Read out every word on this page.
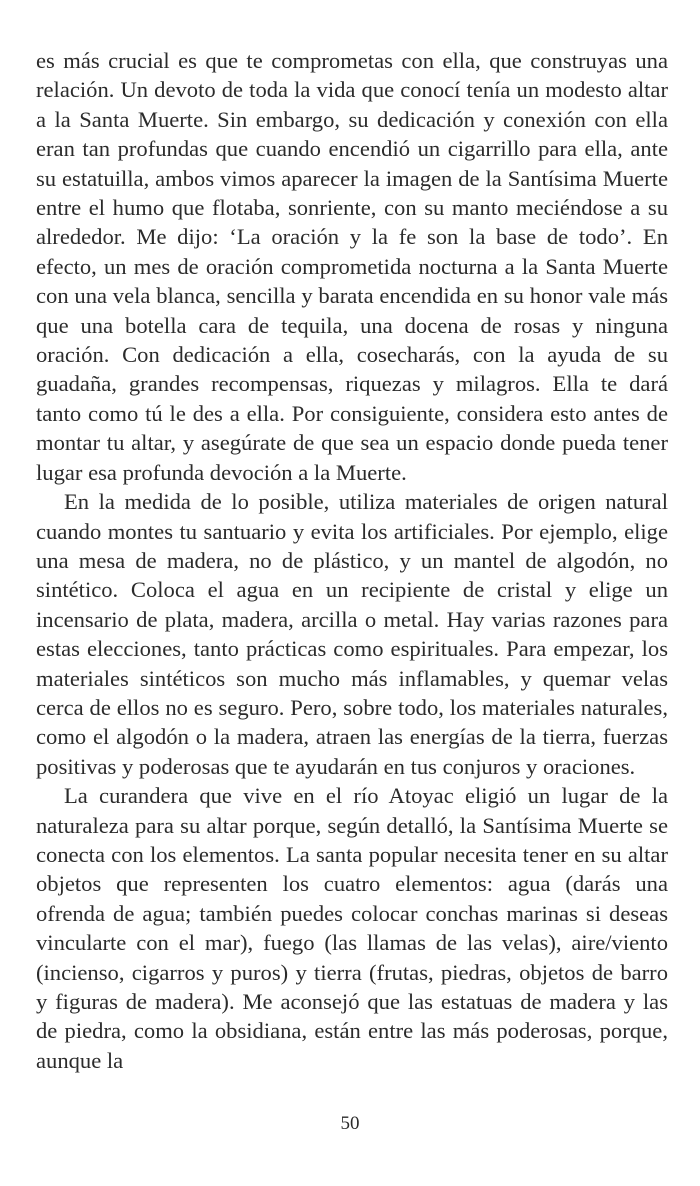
es más crucial es que te comprometas con ella, que construyas una relación. Un devoto de toda la vida que conocí tenía un modesto altar a la Santa Muerte. Sin embargo, su dedicación y conexión con ella eran tan profundas que cuando encendió un cigarrillo para ella, ante su estatuilla, ambos vimos aparecer la imagen de la Santísima Muerte entre el humo que flotaba, sonriente, con su manto meciéndose a su alrededor. Me dijo: ‘La oración y la fe son la base de todo’. En efecto, un mes de oración comprometida nocturna a la Santa Muerte con una vela blanca, sencilla y barata encendida en su honor vale más que una botella cara de tequila, una docena de rosas y ninguna oración. Con dedicación a ella, cosecharás, con la ayuda de su guadaña, grandes recompensas, riquezas y milagros. Ella te dará tanto como tú le des a ella. Por consiguiente, considera esto antes de montar tu altar, y asegúrate de que sea un espacio donde pueda tener lugar esa profunda devoción a la Muerte.

En la medida de lo posible, utiliza materiales de origen natural cuando montes tu santuario y evita los artificiales. Por ejemplo, elige una mesa de madera, no de plástico, y un mantel de algodón, no sintético. Coloca el agua en un recipiente de cristal y elige un incensario de plata, madera, arcilla o metal. Hay varias razones para estas elecciones, tanto prácticas como espirituales. Para empezar, los materiales sintéticos son mucho más inflamables, y quemar velas cerca de ellos no es seguro. Pero, sobre todo, los materiales naturales, como el algodón o la madera, atraen las energías de la tierra, fuerzas positivas y poderosas que te ayudarán en tus conjuros y oraciones.

La curandera que vive en el río Atoyac eligió un lugar de la naturaleza para su altar porque, según detalló, la Santísima Muerte se conecta con los elementos. La santa popular necesita tener en su altar objetos que representen los cuatro elementos: agua (darás una ofrenda de agua; también puedes colocar conchas marinas si deseas vincularte con el mar), fuego (las llamas de las velas), aire/viento (incienso, cigarros y puros) y tierra (frutas, piedras, objetos de barro y figuras de madera). Me aconsejó que las estatuas de madera y las de piedra, como la obsidiana, están entre las más poderosas, porque, aunque la

50
